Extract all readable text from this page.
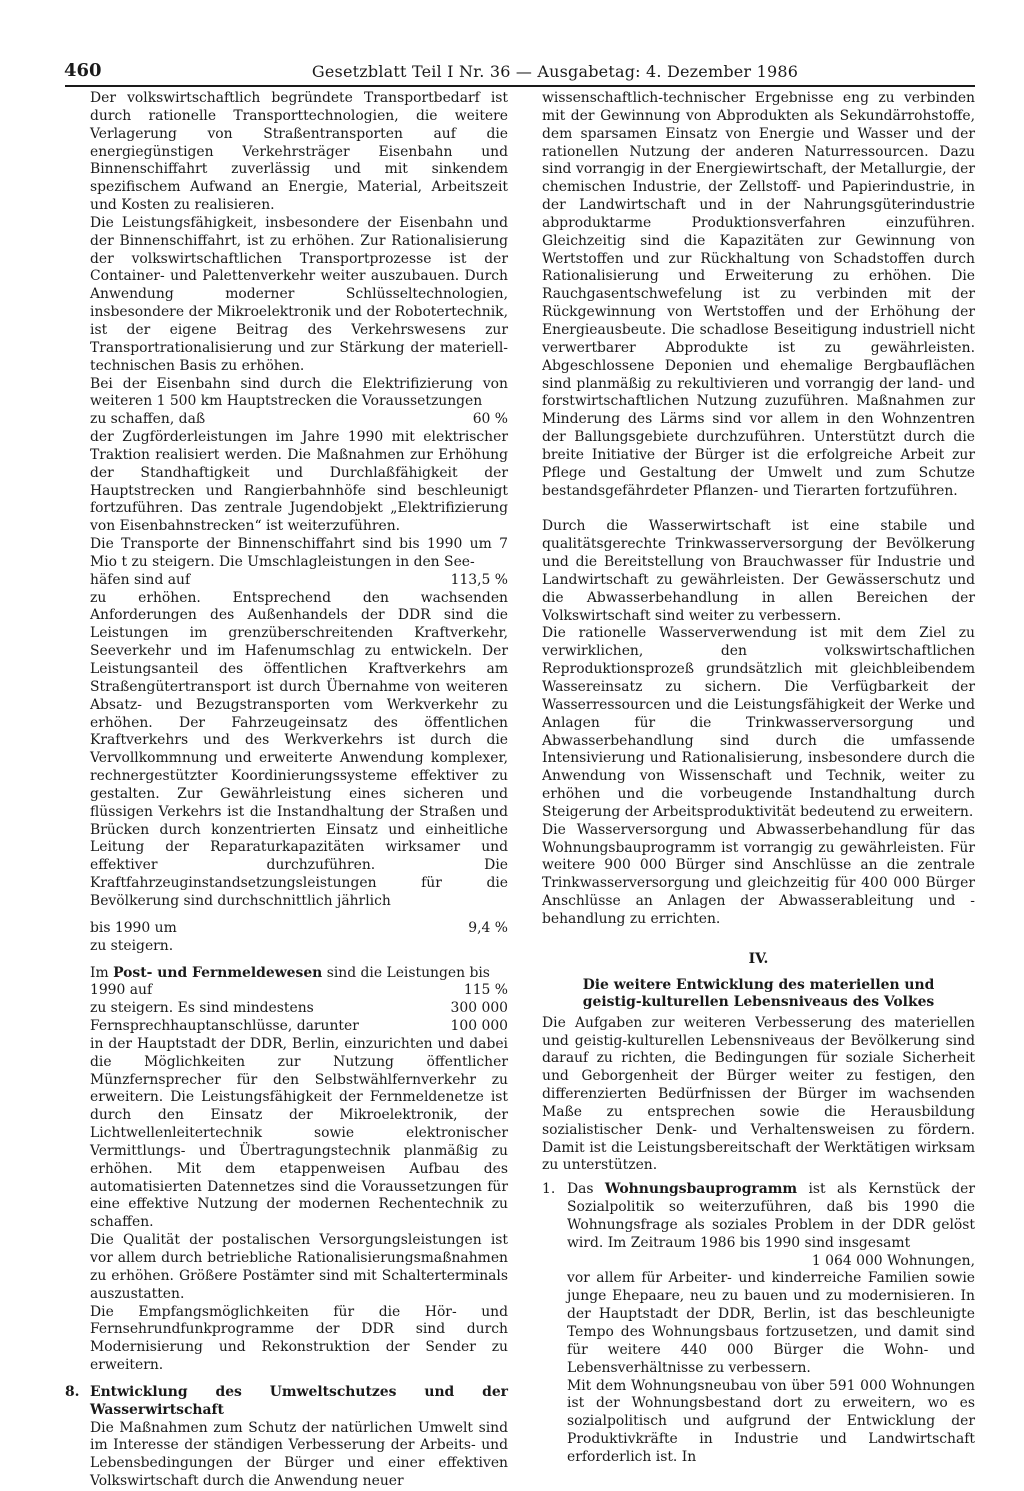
460	Gesetzblatt Teil I Nr. 36 — Ausgabetag: 4. Dezember 1986

Der volkswirtschaftlich begründete Transportbedarf ist durch rationelle Transporttechnologien, die weitere Verlagerung von Straßentransporten auf die energiegünstigen Verkehrsträger Eisenbahn und Binnenschiffahrt zuverlässig und mit sinkendem spezifischem Aufwand an Energie, Material, Arbeitszeit und Kosten zu realisieren.

Die Leistungsfähigkeit, insbesondere der Eisenbahn und der Binnenschiffahrt, ist zu erhöhen. Zur Rationalisierung der volkswirtschaftlichen Transportprozesse ist der Container- und Palettenverkehr weiter auszubauen. Durch Anwendung moderner Schlüsseltechnologien, insbesondere der Mikroelektronik und der Robotertechnik, ist der eigene Beitrag des Verkehrswesens zur Transportrationalisierung und zur Stärkung der materiell-technischen Basis zu erhöhen.

Bei der Eisenbahn sind durch die Elektrifizierung von weiteren 1 500 km Hauptstrecken die Voraussetzungen

zu schaffen, daß	60 %

der Zugförderleistungen im Jahre 1990 mit elektrischer Traktion realisiert werden. Die Maßnahmen zur Erhöhung der Standhaftigkeit und Durchlaßfähigkeit der Hauptstrecken und Rangierbahnhöfe sind beschleunigt fortzuführen. Das zentrale Jugendobjekt „Elektrifizierung von Eisenbahnstrecken“ ist weiterzuführen.

Die Transporte der Binnenschiffahrt sind bis 1990 um 7 Mio t zu steigern. Die Umschlagleistungen in den See-

häfen sind auf	113,5 %

zu erhöhen. Entsprechend den wachsenden Anforderungen des Außenhandels der DDR sind die Leistungen im grenzüberschreitenden Kraftverkehr, Seeverkehr und im Hafenumschlag zu entwickeln. Der Leistungsanteil des öffentlichen Kraftverkehrs am Straßengütertransport ist durch Übernahme von weiteren Absatz- und Bezugstransporten vom Werkverkehr zu erhöhen. Der Fahrzeugeinsatz des öffentlichen Kraftverkehrs und des Werkverkehrs ist durch die Vervollkommnung und erweiterte Anwendung komplexer, rechnergestützter Koordinierungssysteme effektiver zu gestalten. Zur Gewährleistung eines sicheren und flüssigen Verkehrs ist die Instandhaltung der Straßen und Brücken durch konzentrierten Einsatz und einheitliche Leitung der Reparaturkapazitäten wirksamer und effektiver durchzuführen. Die Kraftfahrzeuginstandsetzungsleistungen für die Bevölkerung sind durchschnittlich jährlich

bis 1990 um	9,4 %

zu steigern.

Im Post- und Fernmeldewesen sind die Leistungen bis

1990 auf	115 %
zu steigern. Es sind mindestens	300 000
Fernsprechhauptanschlüsse, darunter	100 000

in der Hauptstadt der DDR, Berlin, einzurichten und dabei die Möglichkeiten zur Nutzung öffentlicher Münzfernsprecher für den Selbstwählfernverkehr zu erweitern. Die Leistungsfähigkeit der Fernmeldenetze ist durch den Einsatz der Mikroelektronik, der Lichtwellenleitertechnik sowie elektronischer Vermittlungs- und Übertragungstechnik planmäßig zu erhöhen. Mit dem etappenweisen Aufbau des automatisierten Datennetzes sind die Voraussetzungen für eine effektive Nutzung der modernen Rechentechnik zu schaffen.

Die Qualität der postalischen Versorgungsleistungen ist vor allem durch betriebliche Rationalisierungsmaßnahmen zu erhöhen. Größere Postämter sind mit Schalterterminals auszustatten.

Die Empfangsmöglichkeiten für die Hör- und Fernsehrundfunkprogramme der DDR sind durch Modernisierung und Rekonstruktion der Sender zu erweitern.

8. Entwicklung des Umweltschutzes und der Wasserwirtschaft

Die Maßnahmen zum Schutz der natürlichen Umwelt sind im Interesse der ständigen Verbesserung der Arbeits- und Lebensbedingungen der Bürger und einer effektiven Volkswirtschaft durch die Anwendung neuer

wissenschaftlich-technischer Ergebnisse eng zu verbinden mit der Gewinnung von Abprodukten als Sekundärrohstoffe, dem sparsamen Einsatz von Energie und Wasser und der rationellen Nutzung der anderen Naturressourcen. Dazu sind vorrangig in der Energiewirtschaft, der Metallurgie, der chemischen Industrie, der Zellstoff- und Papierindustrie, in der Landwirtschaft und in der Nahrungsgüterindustrie abproduktarme Produktionsverfahren einzuführen. Gleichzeitig sind die Kapazitäten zur Gewinnung von Wertstoffen und zur Rückhaltung von Schadstoffen durch Rationalisierung und Erweiterung zu erhöhen. Die Rauchgasentschwefelung ist zu verbinden mit der Rückgewinnung von Wertstoffen und der Erhöhung der Energieausbeute. Die schadlose Beseitigung industriell nicht verwertbarer Abprodukte ist zu gewährleisten. Abgeschlossene Deponien und ehemalige Bergbauflächen sind planmäßig zu rekultivieren und vorrangig der land- und forstwirtschaftlichen Nutzung zuzuführen. Maßnahmen zur Minderung des Lärms sind vor allem in den Wohnzentren der Ballungsgebiete durchzuführen. Unterstützt durch die breite Initiative der Bürger ist die erfolgreiche Arbeit zur Pflege und Gestaltung der Umwelt und zum Schutze bestandsgefährdeter Pflanzen- und Tierarten fortzuführen.

Durch die Wasserwirtschaft ist eine stabile und qualitätsgerechte Trinkwasserversorgung der Bevölkerung und die Bereitstellung von Brauchwasser für Industrie und Landwirtschaft zu gewährleisten. Der Gewässerschutz und die Abwasserbehandlung in allen Bereichen der Volkswirtschaft sind weiter zu verbessern.

Die rationelle Wasserverwendung ist mit dem Ziel zu verwirklichen, den volkswirtschaftlichen Reproduktionsprozeß grundsätzlich mit gleichbleibendem Wassereinsatz zu sichern. Die Verfügbarkeit der Wasserressourcen und die Leistungsfähigkeit der Werke und Anlagen für die Trinkwasserversorgung und Abwasserbehandlung sind durch die umfassende Intensivierung und Rationalisierung, insbesondere durch die Anwendung von Wissenschaft und Technik, weiter zu erhöhen und die vorbeugende Instandhaltung durch Steigerung der Arbeitsproduktivität bedeutend zu erweitern.

Die Wasserversorgung und Abwasserbehandlung für das Wohnungsbauprogramm ist vorrangig zu gewährleisten. Für weitere 900 000 Bürger sind Anschlüsse an die zentrale Trinkwasserversorgung und gleichzeitig für 400 000 Bürger Anschlüsse an Anlagen der Abwasserableitung und -behandlung zu errichten.

IV.
Die weitere Entwicklung des materiellen und
geistig-kulturellen Lebensniveaus des Volkes

Die Aufgaben zur weiteren Verbesserung des materiellen und geistig-kulturellen Lebensniveaus der Bevölkerung sind darauf zu richten, die Bedingungen für soziale Sicherheit und Geborgenheit der Bürger weiter zu festigen, den differenzierten Bedürfnissen der Bürger im wachsenden Maße zu entsprechen sowie die Herausbildung sozialistischer Denk- und Verhaltensweisen zu fördern. Damit ist die Leistungsbereitschaft der Werktätigen wirksam zu unterstützen.

1. Das Wohnungsbauprogramm ist als Kernstück der Sozialpolitik so weiterzuführen, daß bis 1990 die Wohnungsfrage als soziales Problem in der DDR gelöst wird. Im Zeitraum 1986 bis 1990 sind insgesamt

1 064 000 Wohnungen,

vor allem für Arbeiter- und kinderreiche Familien sowie junge Ehepaare, neu zu bauen und zu modernisieren. In der Hauptstadt der DDR, Berlin, ist das beschleunigte Tempo des Wohnungsbaus fortzusetzen, und damit sind für weitere 440 000 Bürger die Wohn- und Lebensverhältnisse zu verbessern.

Mit dem Wohnungsneubau von über 591 000 Wohnungen ist der Wohnungsbestand dort zu erweitern, wo es sozialpolitisch und aufgrund der Entwicklung der Produktivkräfte in Industrie und Landwirtschaft erforderlich ist. In
